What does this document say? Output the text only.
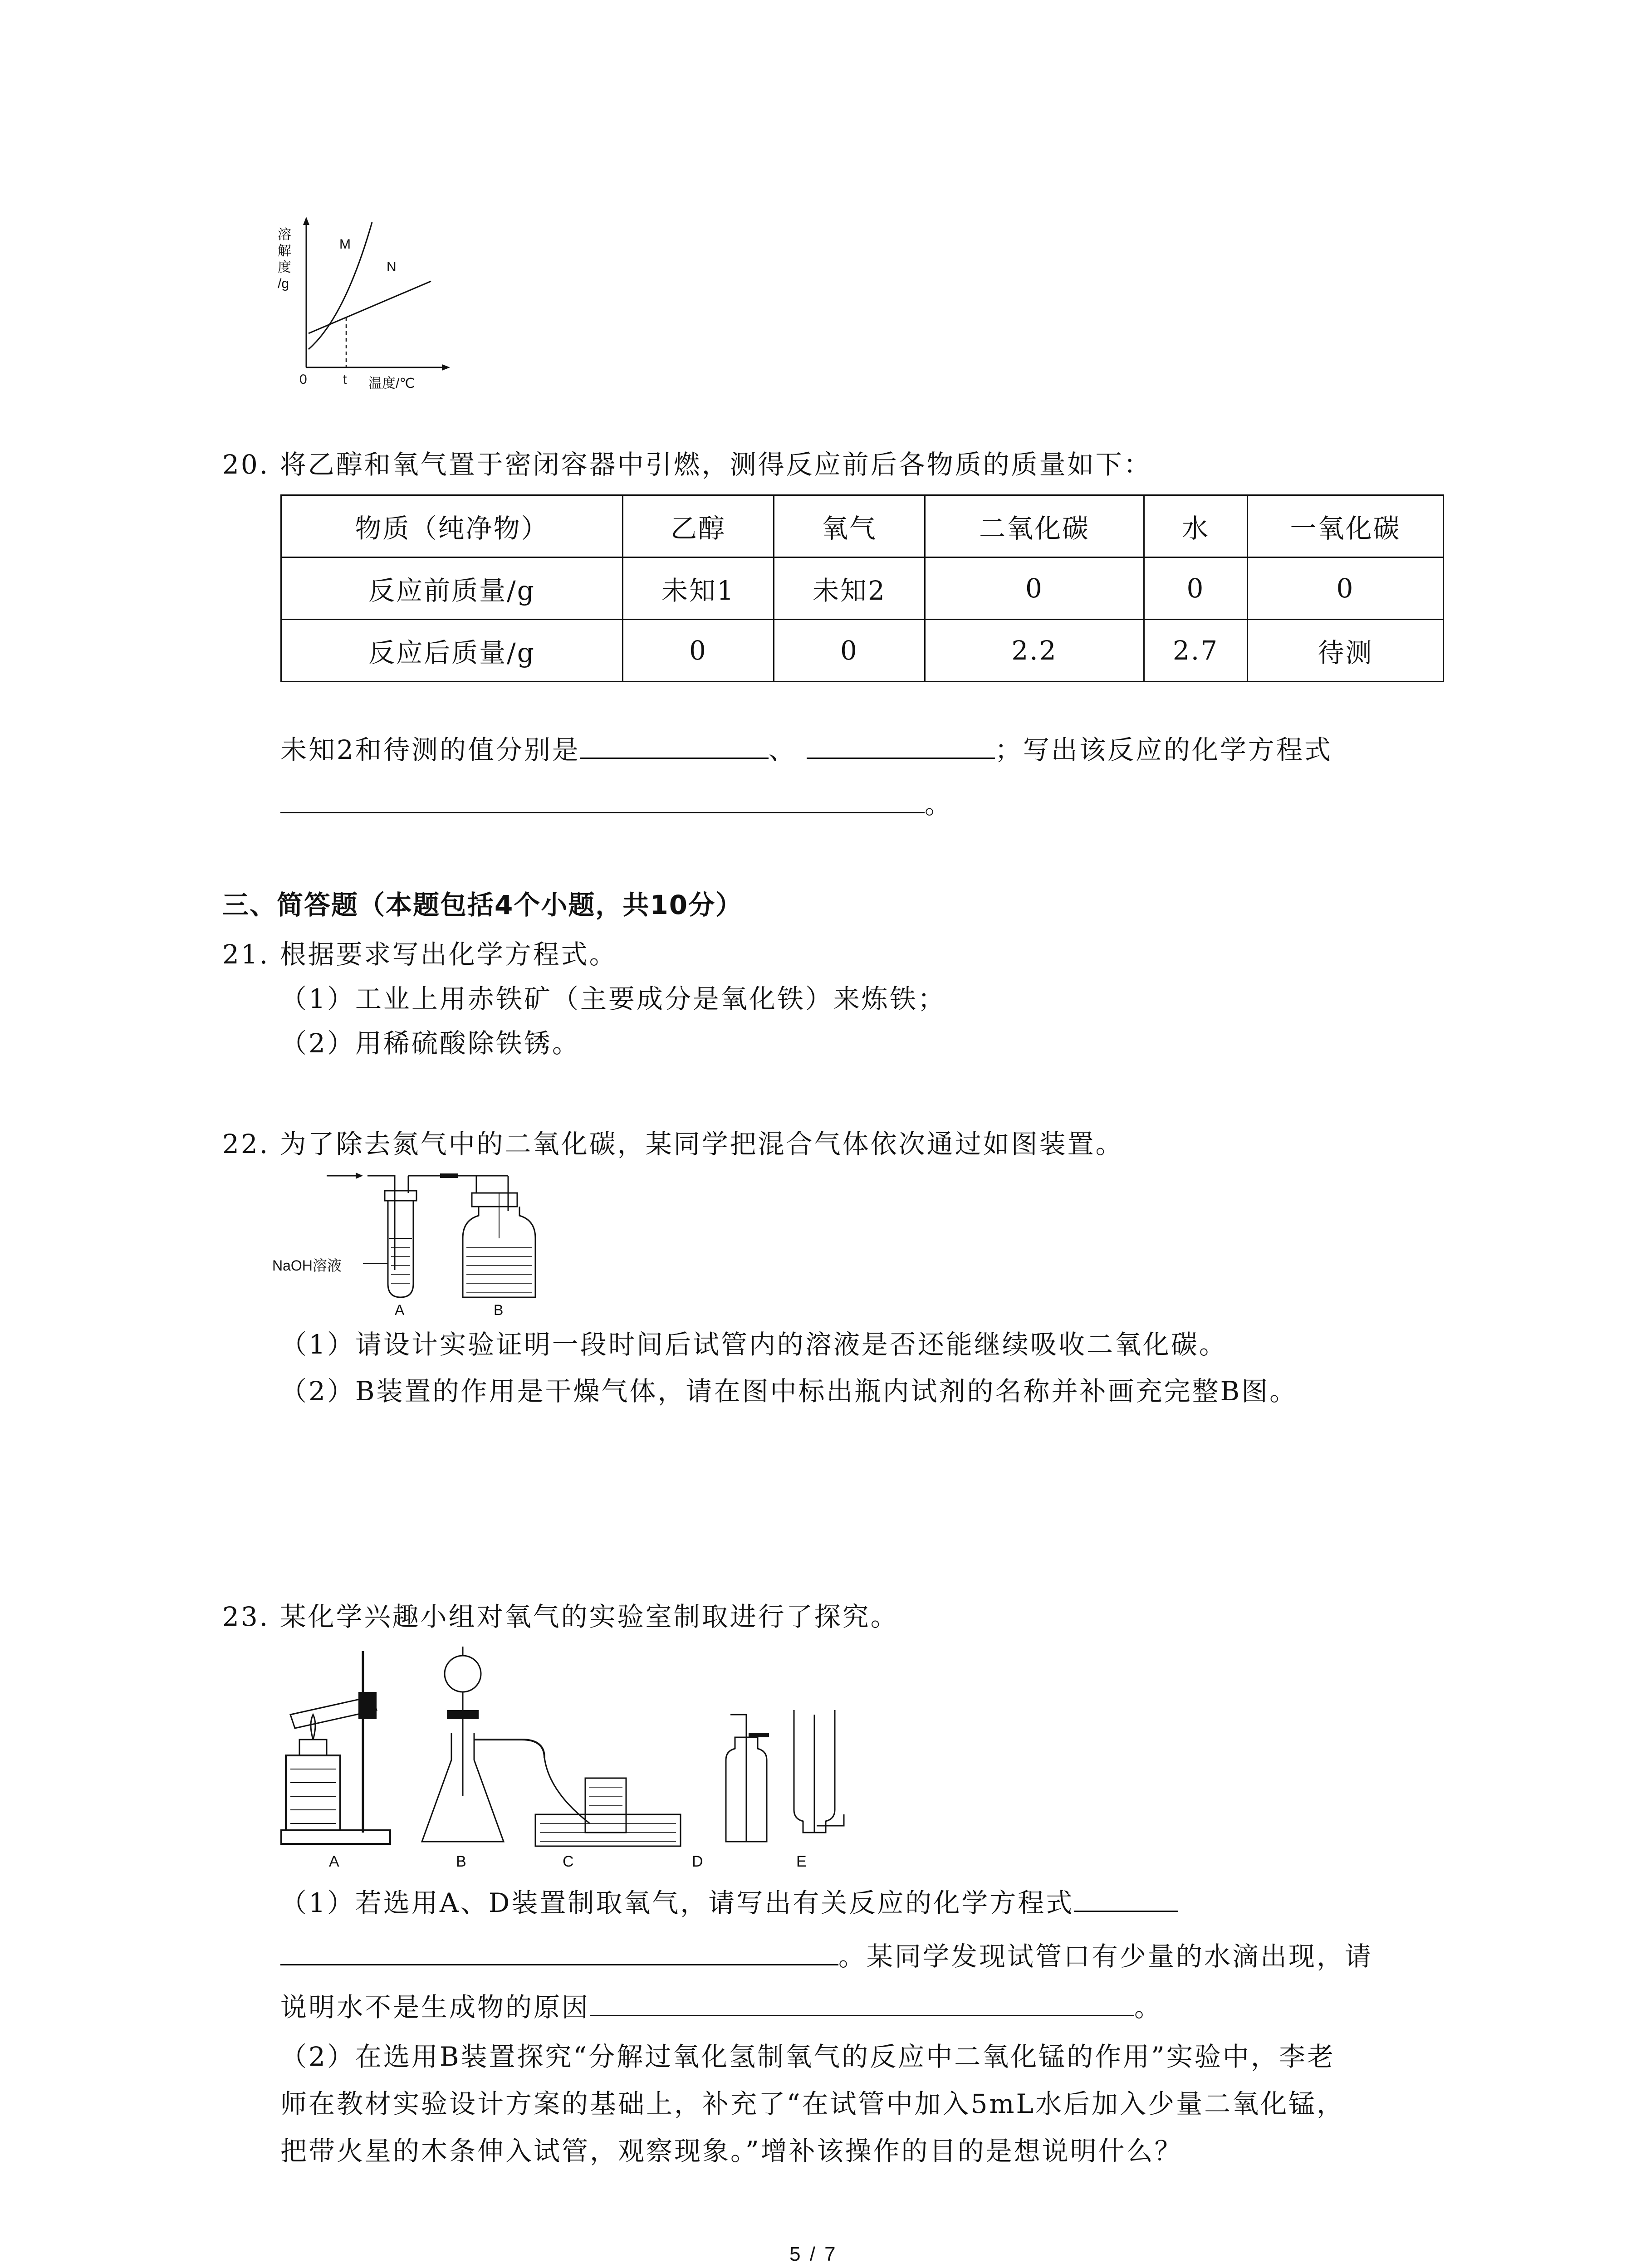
溶
解
度
/g
M
N
0	t 温度/℃
20. 将乙醇和氧气置于密闭容器中引燃，测得反应前后各物质的质量如下：
物质（纯净物）	乙醇	氧气	二氧化碳	水	一氧化碳
反应前质量/g	未知1	未知2	0	0	0
反应后质量/g	0	0	2.2	2.7	待测
未知2和待测的值分别是	、	；写出该反应的化学方程式
。
三、简答题（本题包括4个小题，共10分）
21. 根据要求写出化学方程式。
（1）工业上用赤铁矿（主要成分是氧化铁）来炼铁；
（2）用稀硫酸除铁锈。
22. 为了除去氮气中的二氧化碳，某同学把混合气体依次通过如图装置。
NaOH溶液
A	B
（1）请设计实验证明一段时间后试管内的溶液是否还能继续吸收二氧化碳。
（2）B装置的作用是干燥气体，请在图中标出瓶内试剂的名称并补画充完整B图。
23. 某化学兴趣小组对氧气的实验室制取进行了探究。
A	B	C	D	E
（1）若选用A、D装置制取氧气，请写出有关反应的化学方程式
。某同学发现试管口有少量的水滴出现，请
说明水不是生成物的原因	。
（2）在选用B装置探究“分解过氧化氢制氧气的反应中二氧化锰的作用”实验中，李老
师在教材实验设计方案的基础上，补充了“在试管中加入5mL水后加入少量二氧化锰，
把带火星的木条伸入试管，观察现象。”增补该操作的目的是想说明什么？
5 / 7
